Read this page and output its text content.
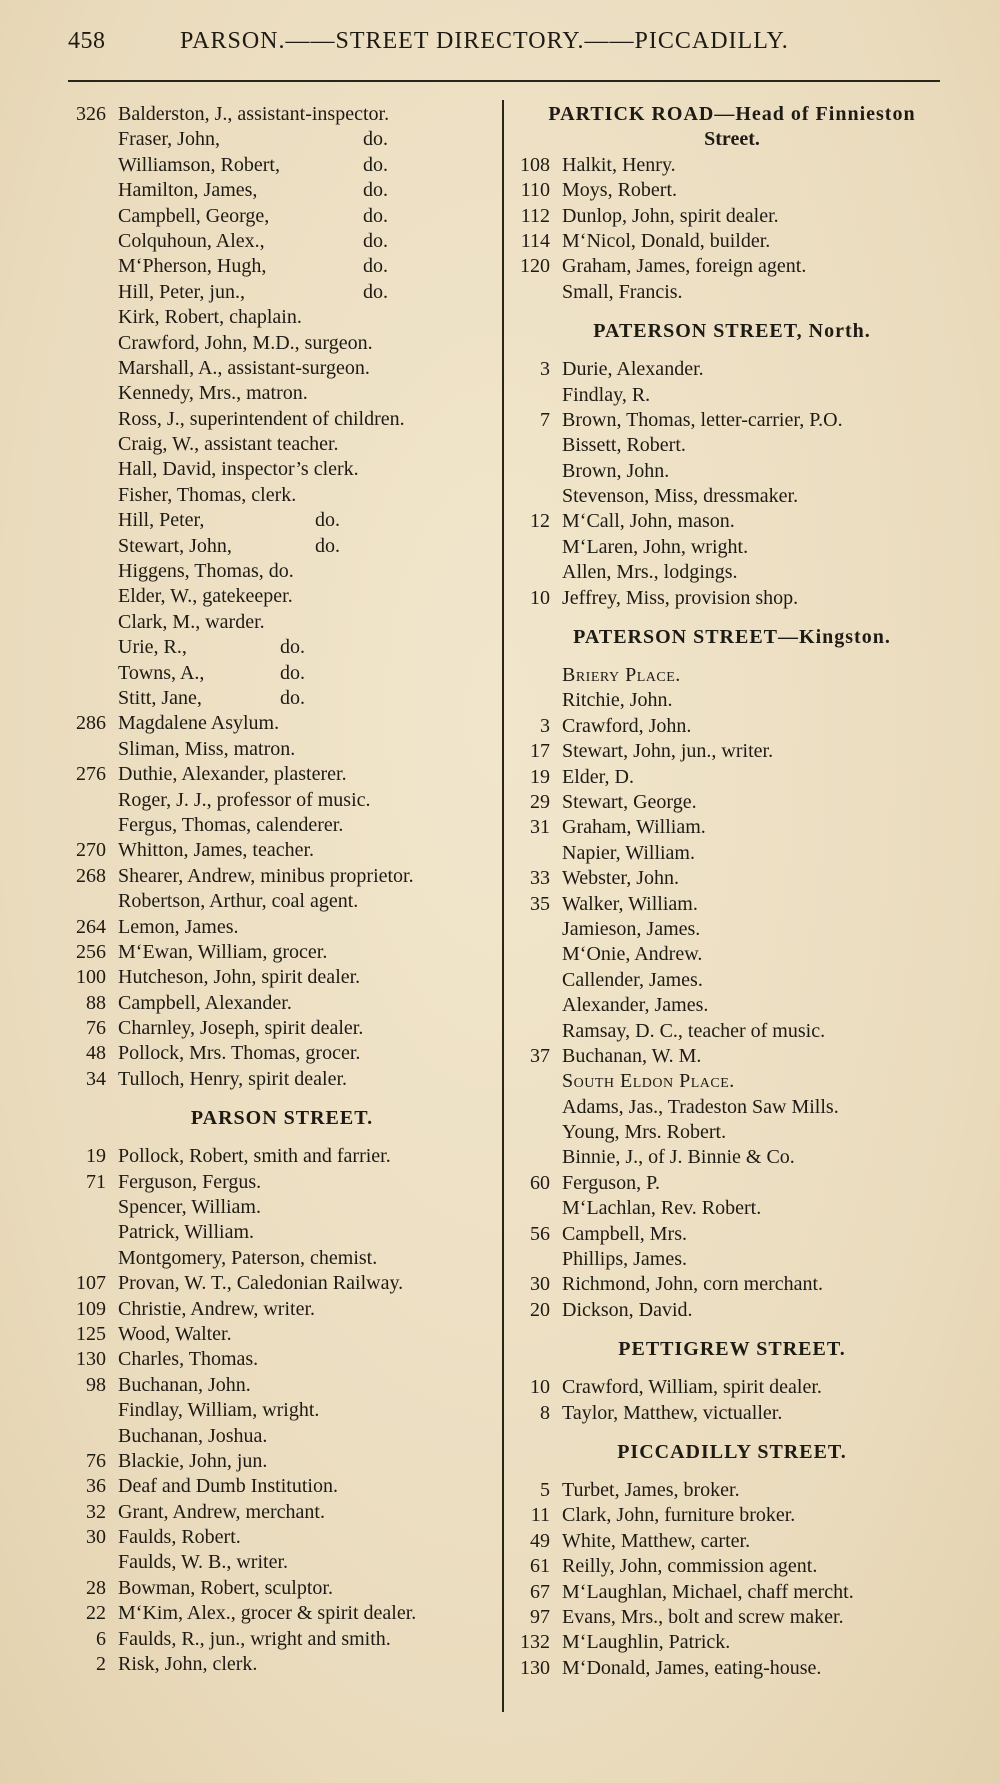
458	PARSON.——STREET DIRECTORY.——PICCADILLY.
326 Balderston, J., assistant-inspector.
Fraser, John,	do.
Williamson, Robert,	do.
Hamilton, James,	do.
Campbell, George,	do.
Colquhoun, Alex.,	do.
M‘Pherson, Hugh,	do.
Hill, Peter, jun.,	do.
Kirk, Robert, chaplain.
Crawford, John, M.D., surgeon.
Marshall, A., assistant-surgeon.
Kennedy, Mrs., matron.
Ross, J., superintendent of children.
Craig, W., assistant teacher.
Hall, David, inspector’s clerk.
Fisher, Thomas, clerk.
Hill, Peter,	do.
Stewart, John,	do.
Higgens, Thomas, do.
Elder, W., gatekeeper.
Clark, M., warder.
Urie, R.,	do.
Towns, A.,	do.
Stitt, Jane,	do.
286 Magdalene Asylum.
Sliman, Miss, matron.
276 Duthie, Alexander, plasterer.
Roger, J. J., professor of music.
Fergus, Thomas, calenderer.
270 Whitton, James, teacher.
268 Shearer, Andrew, minibus proprietor.
Robertson, Arthur, coal agent.
264 Lemon, James.
256 M‘Ewan, William, grocer.
100 Hutcheson, John, spirit dealer.
88 Campbell, Alexander.
76 Charnley, Joseph, spirit dealer.
48 Pollock, Mrs. Thomas, grocer.
34 Tulloch, Henry, spirit dealer.
PARSON STREET.
19 Pollock, Robert, smith and farrier.
71 Ferguson, Fergus.
Spencer, William.
Patrick, William.
Montgomery, Paterson, chemist.
107 Provan, W. T., Caledonian Railway.
109 Christie, Andrew, writer.
125 Wood, Walter.
130 Charles, Thomas.
98 Buchanan, John.
Findlay, William, wright.
Buchanan, Joshua.
76 Blackie, John, jun.
36 Deaf and Dumb Institution.
32 Grant, Andrew, merchant.
30 Faulds, Robert.
Faulds, W. B., writer.
28 Bowman, Robert, sculptor.
22 M‘Kim, Alex., grocer & spirit dealer.
6 Faulds, R., jun., wright and smith.
2 Risk, John, clerk.
PARTICK ROAD—Head of Finnieston
Street.
108 Halkit, Henry.
110 Moys, Robert.
112 Dunlop, John, spirit dealer.
114 M‘Nicol, Donald, builder.
120 Graham, James, foreign agent.
Small, Francis.
PATERSON STREET, North.
3 Durie, Alexander.
Findlay, R.
7 Brown, Thomas, letter-carrier, P.O.
Bissett, Robert.
Brown, John.
Stevenson, Miss, dressmaker.
12 M‘Call, John, mason.
M‘Laren, John, wright.
Allen, Mrs., lodgings.
10 Jeffrey, Miss, provision shop.
PATERSON STREET—Kingston.
Briery Place.
Ritchie, John.
3 Crawford, John.
17 Stewart, John, jun., writer.
19 Elder, D.
29 Stewart, George.
31 Graham, William.
Napier, William.
33 Webster, John.
35 Walker, William.
Jamieson, James.
M‘Onie, Andrew.
Callender, James.
Alexander, James.
Ramsay, D. C., teacher of music.
37 Buchanan, W. M.
South Eldon Place.
Adams, Jas., Tradeston Saw Mills.
Young, Mrs. Robert.
Binnie, J., of J. Binnie & Co.
60 Ferguson, P.
M‘Lachlan, Rev. Robert.
56 Campbell, Mrs.
Phillips, James.
30 Richmond, John, corn merchant.
20 Dickson, David.
PETTIGREW STREET.
10 Crawford, William, spirit dealer.
8 Taylor, Matthew, victualler.
PICCADILLY STREET.
5 Turbet, James, broker.
11 Clark, John, furniture broker.
49 White, Matthew, carter.
61 Reilly, John, commission agent.
67 M‘Laughlan, Michael, chaff mercht.
97 Evans, Mrs., bolt and screw maker.
132 M‘Laughlin, Patrick.
130 M‘Donald, James, eating-house.
